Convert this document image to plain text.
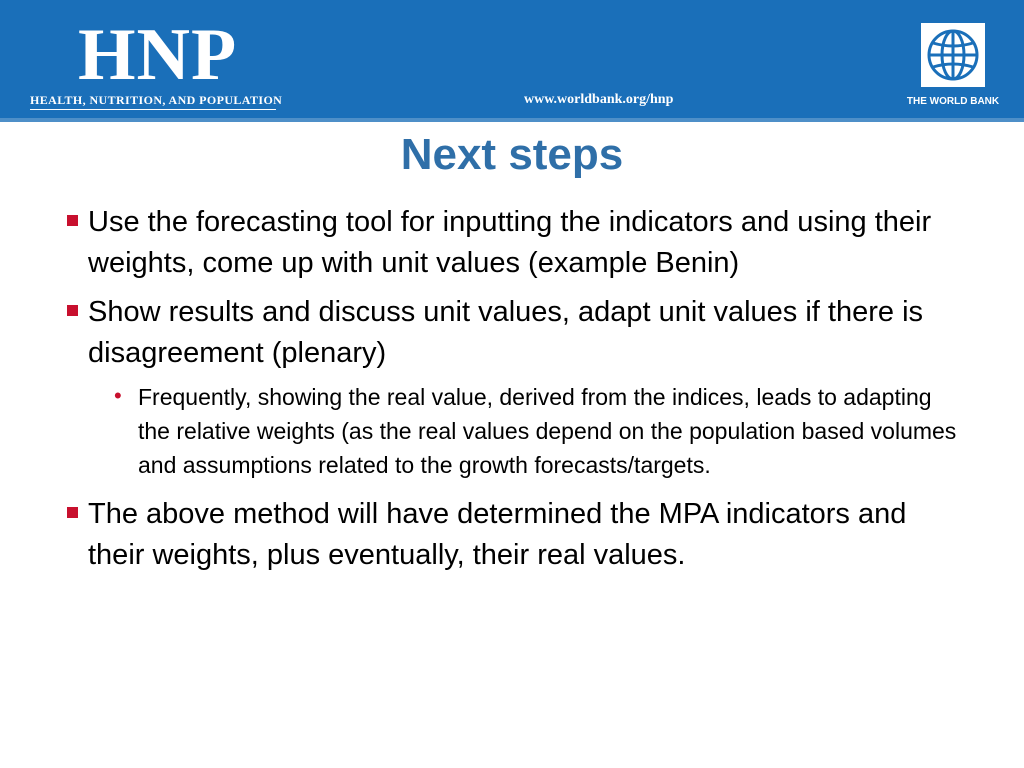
HNP
HEALTH, NUTRITION, AND POPULATION	www.worldbank.org/hnp	THE WORLD BANK
Next steps
Use the forecasting tool for inputting the indicators and using their weights, come up with unit values (example Benin)
Show results and discuss unit values, adapt unit values if there is disagreement (plenary)
• Frequently, showing the real value, derived from the indices, leads to adapting the relative weights (as the real values depend on the population based volumes and assumptions related to the growth forecasts/targets.
The above method will have determined the MPA indicators and their weights, plus eventually, their real values.
